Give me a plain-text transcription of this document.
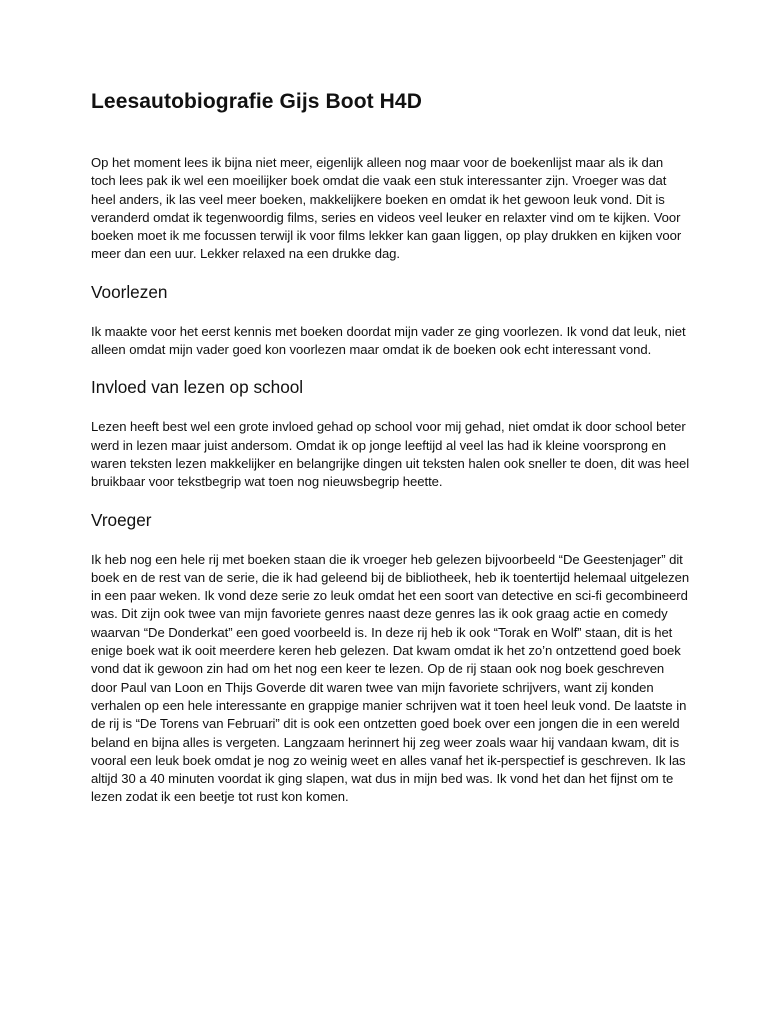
Leesautobiografie Gijs Boot H4D

Op het moment lees ik bijna niet meer, eigenlijk alleen nog maar voor de boekenlijst maar als ik dan toch lees pak ik wel een moeilijker boek omdat die vaak een stuk interessanter zijn. Vroeger was dat heel anders, ik las veel meer boeken, makkelijkere boeken en omdat ik het gewoon leuk vond. Dit is veranderd omdat ik tegenwoordig films, series en videos veel leuker en relaxter vind om te kijken. Voor boeken moet ik me focussen terwijl ik voor films lekker kan gaan liggen, op play drukken en kijken voor meer dan een uur. Lekker relaxed na een drukke dag.

Voorlezen

Ik maakte voor het eerst kennis met boeken doordat mijn vader ze ging voorlezen. Ik vond dat leuk, niet alleen omdat mijn vader goed kon voorlezen maar omdat ik de boeken ook echt interessant vond.

Invloed van lezen op school

Lezen heeft best wel een grote invloed gehad op school voor mij gehad, niet omdat ik door school beter werd in lezen maar juist andersom. Omdat ik op jonge leeftijd al veel las had ik kleine voorsprong en waren teksten lezen makkelijker en belangrijke dingen uit teksten halen ook sneller te doen, dit was heel bruikbaar voor tekstbegrip wat toen nog nieuwsbegrip heette.

Vroeger

Ik heb nog een hele rij met boeken staan die ik vroeger heb gelezen bijvoorbeeld “De Geestenjager” dit boek en de rest van de serie, die ik had geleend bij de bibliotheek, heb ik toentertijd helemaal uitgelezen in een paar weken. Ik vond deze serie zo leuk omdat het een soort van detective en sci-fi gecombineerd was. Dit zijn ook twee van mijn favoriete genres naast deze genres las ik ook graag actie en comedy waarvan “De Donderkat” een goed voorbeeld is. In deze rij heb ik ook “Torak en Wolf” staan, dit is het enige boek wat ik ooit meerdere keren heb gelezen. Dat kwam omdat ik het zo’n ontzettend goed boek vond dat ik gewoon zin had om het nog een keer te lezen. Op de rij staan ook nog boek geschreven door Paul van Loon en Thijs Goverde dit waren twee van mijn favoriete schrijvers, want zij konden verhalen op een hele interessante en grappige manier schrijven wat it toen heel leuk vond. De laatste in de rij is “De Torens van Februari” dit is ook een ontzetten goed boek over een jongen die in een wereld beland en bijna alles is vergeten. Langzaam herinnert hij zeg weer zoals waar hij vandaan kwam, dit is vooral een leuk boek omdat je nog zo weinig weet en alles vanaf het ik-perspectief is geschreven. Ik las altijd 30 a 40 minuten voordat ik ging slapen, wat dus in mijn bed was. Ik vond het dan het fijnst om te lezen zodat ik een beetje tot rust kon komen.
